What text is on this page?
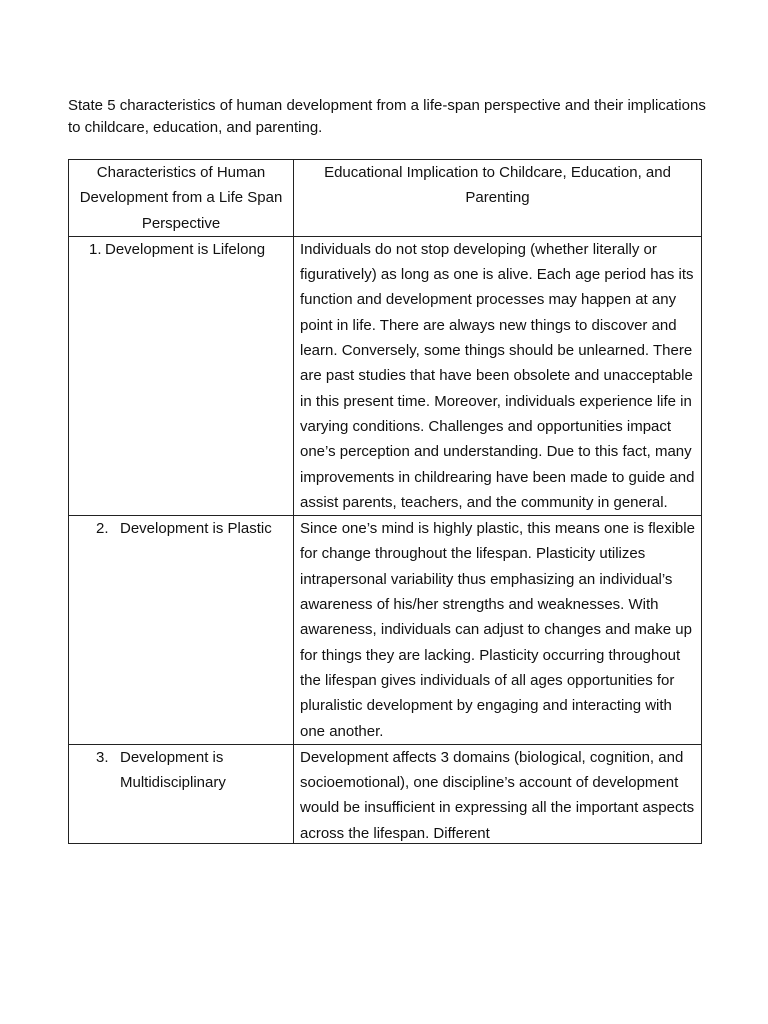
State 5 characteristics of human development from a life-span perspective and their implications to childcare, education, and parenting.

Characteristics of Human Development from a Life Span Perspective	Educational Implication to Childcare, Education, and Parenting

1. Development is Lifelong	Individuals do not stop developing (whether literally or figuratively) as long as one is alive. Each age period has its function and development processes may happen at any point in life. There are always new things to discover and learn. Conversely, some things should be unlearned. There are past studies that have been obsolete and unacceptable in this present time. Moreover, individuals experience life in varying conditions. Challenges and opportunities impact one’s perception and understanding. Due to this fact, many improvements in childrearing have been made to guide and assist parents, teachers, and the community in general.

2. Development is Plastic	Since one’s mind is highly plastic, this means one is flexible for change throughout the lifespan. Plasticity utilizes intrapersonal variability thus emphasizing an individual’s awareness of his/her strengths and weaknesses. With awareness, individuals can adjust to changes and make up for things they are lacking. Plasticity occurring throughout the lifespan gives individuals of all ages opportunities for pluralistic development by engaging and interacting with one another.

3. Development is Multidisciplinary	Development affects 3 domains (biological, cognition, and socioemotional), one discipline’s account of development would be insufficient in expressing all the important aspects across the lifespan. Different
